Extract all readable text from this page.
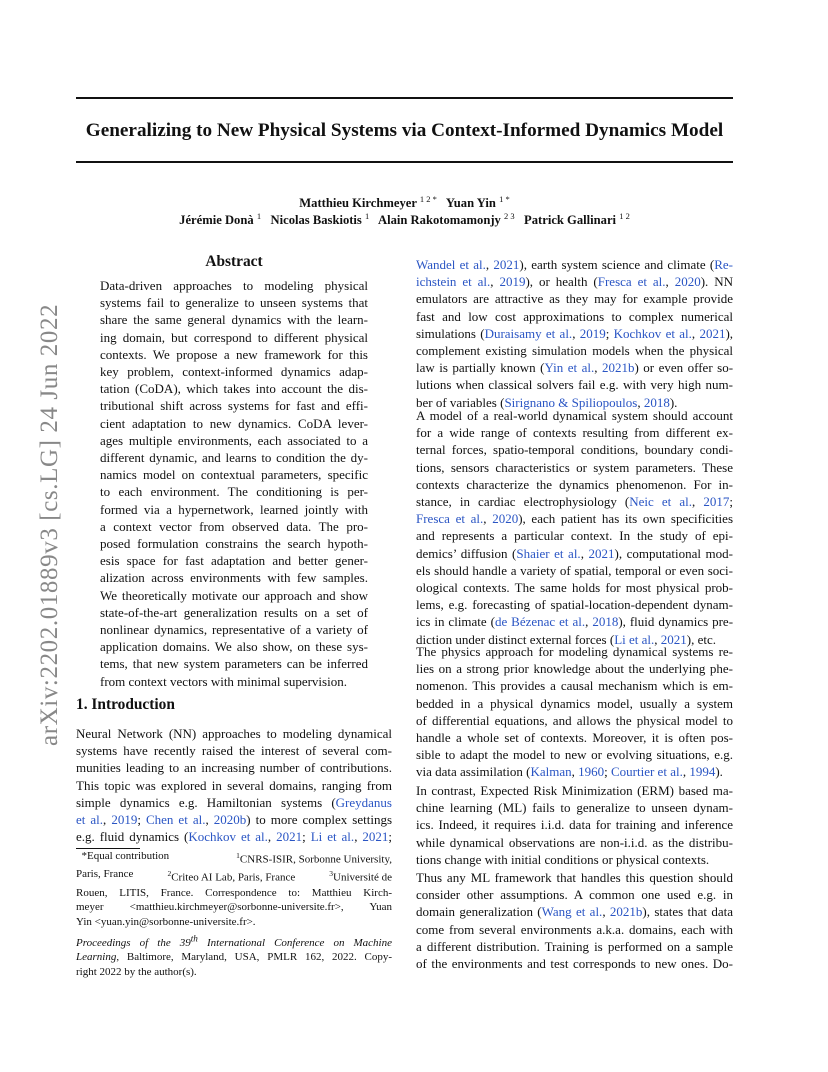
Generalizing to New Physical Systems via Context-Informed Dynamics Model
Matthieu Kirchmeyer $^{1 2 *}$ Yuan Yin $^{1 *}$
Jérémie Donà $^1$ Nicolas Baskiotis $^1$ Alain Rakotomamonjy $^{2 3}$ Patrick Gallinari $^{1 2}$
arXiv:2202.01889v3 [cs.LG] 24 Jun 2022
Abstract
Data-driven approaches to modeling physical
systems fail to generalize to unseen systems that
share the same general dynamics with the learn-
ing domain, but correspond to different physical
contexts. We propose a new framework for this
key problem, context-informed dynamics adap-
tation (CoDA), which takes into account the dis-
tributional shift across systems for fast and effi-
cient adaptation to new dynamics. CoDA lever-
ages multiple environments, each associated to a
different dynamic, and learns to condition the dy-
namics model on contextual parameters, specific
to each environment. The conditioning is per-
formed via a hypernetwork, learned jointly with
a context vector from observed data. The pro-
posed formulation constrains the search hypoth-
esis space for fast adaptation and better gener-
alization across environments with few samples.
We theoretically motivate our approach and show
state-of-the-art generalization results on a set of
nonlinear dynamics, representative of a variety of
application domains. We also show, on these sys-
tems, that new system parameters can be inferred
from context vectors with minimal supervision.
1. Introduction
Neural Network (NN) approaches to modeling dynamical
systems have recently raised the interest of several com-
munities leading to an increasing number of contributions.
This topic was explored in several domains, ranging from
simple dynamics e.g. Hamiltonian systems (Greydanus
et al., 2019; Chen et al., 2020b) to more complex settings
e.g. fluid dynamics (Kochkov et al., 2021; Li et al., 2021;
*Equal contribution	$^1$CNRS-ISIR, Sorbonne University,
Paris, France	$^2$Criteo AI Lab, Paris, France	$^3$Université de
Rouen, LITIS, France. Correspondence to: Matthieu Kirch-
meyer <matthieu.kirchmeyer@sorbonne-universite.fr>, Yuan
Yin <yuan.yin@sorbonne-universite.fr>.
Proceedings of the 39th International Conference on Machine
Learning, Baltimore, Maryland, USA, PMLR 162, 2022. Copy-
right 2022 by the author(s).
Wandel et al., 2021), earth system science and climate (Re-
ichstein et al., 2019), or health (Fresca et al., 2020). NN
emulators are attractive as they may for example provide
fast and low cost approximations to complex numerical
simulations (Duraisamy et al., 2019; Kochkov et al., 2021),
complement existing simulation models when the physical
law is partially known (Yin et al., 2021b) or even offer so-
lutions when classical solvers fail e.g. with very high num-
ber of variables (Sirignano & Spiliopoulos, 2018).
A model of a real-world dynamical system should account
for a wide range of contexts resulting from different ex-
ternal forces, spatio-temporal conditions, boundary condi-
tions, sensors characteristics or system parameters. These
contexts characterize the dynamics phenomenon. For in-
stance, in cardiac electrophysiology (Neic et al., 2017;
Fresca et al., 2020), each patient has its own specificities
and represents a particular context. In the study of epi-
demics’ diffusion (Shaier et al., 2021), computational mod-
els should handle a variety of spatial, temporal or even soci-
ological contexts. The same holds for most physical prob-
lems, e.g. forecasting of spatial-location-dependent dynam-
ics in climate (de Bézenac et al., 2018), fluid dynamics pre-
diction under distinct external forces (Li et al., 2021), etc.
The physics approach for modeling dynamical systems re-
lies on a strong prior knowledge about the underlying phe-
nomenon. This provides a causal mechanism which is em-
bedded in a physical dynamics model, usually a system
of differential equations, and allows the physical model to
handle a whole set of contexts. Moreover, it is often pos-
sible to adapt the model to new or evolving situations, e.g.
via data assimilation (Kalman, 1960; Courtier et al., 1994).
In contrast, Expected Risk Minimization (ERM) based ma-
chine learning (ML) fails to generalize to unseen dynam-
ics. Indeed, it requires i.i.d. data for training and inference
while dynamical observations are non-i.i.d. as the distribu-
tions change with initial conditions or physical contexts.
Thus any ML framework that handles this question should
consider other assumptions. A common one used e.g. in
domain generalization (Wang et al., 2021b), states that data
come from several environments a.k.a. domains, each with
a different distribution. Training is performed on a sample
of the environments and test corresponds to new ones. Do-
